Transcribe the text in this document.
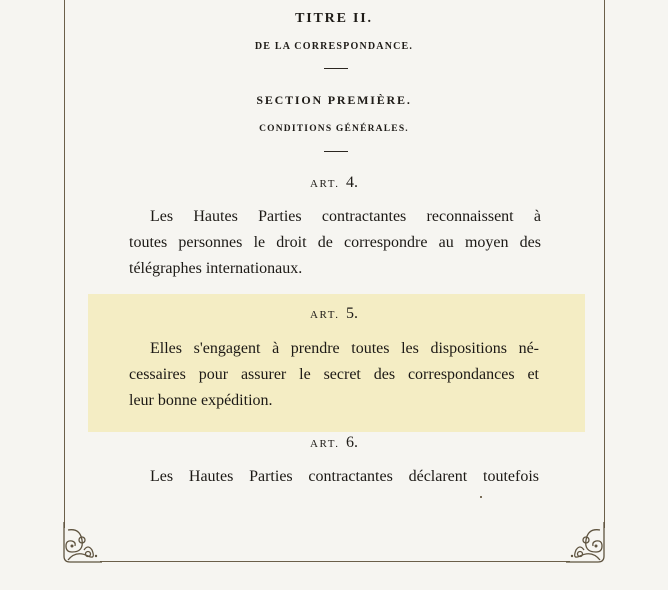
TITRE II.
DE LA CORRESPONDANCE.
SECTION PREMIÈRE.
CONDITIONS GÉNÉRALES.
ART. 4.
Les Hautes Parties contractantes reconnaissent à
toutes personnes le droit de correspondre au moyen des
télégraphes internationaux.
ART. 5.
Elles s'engagent à prendre toutes les dispositions né-
cessaires pour assurer le secret des correspondances et
leur bonne expédition.
ART. 6.
Les Hautes Parties contractantes déclarent toutefois
